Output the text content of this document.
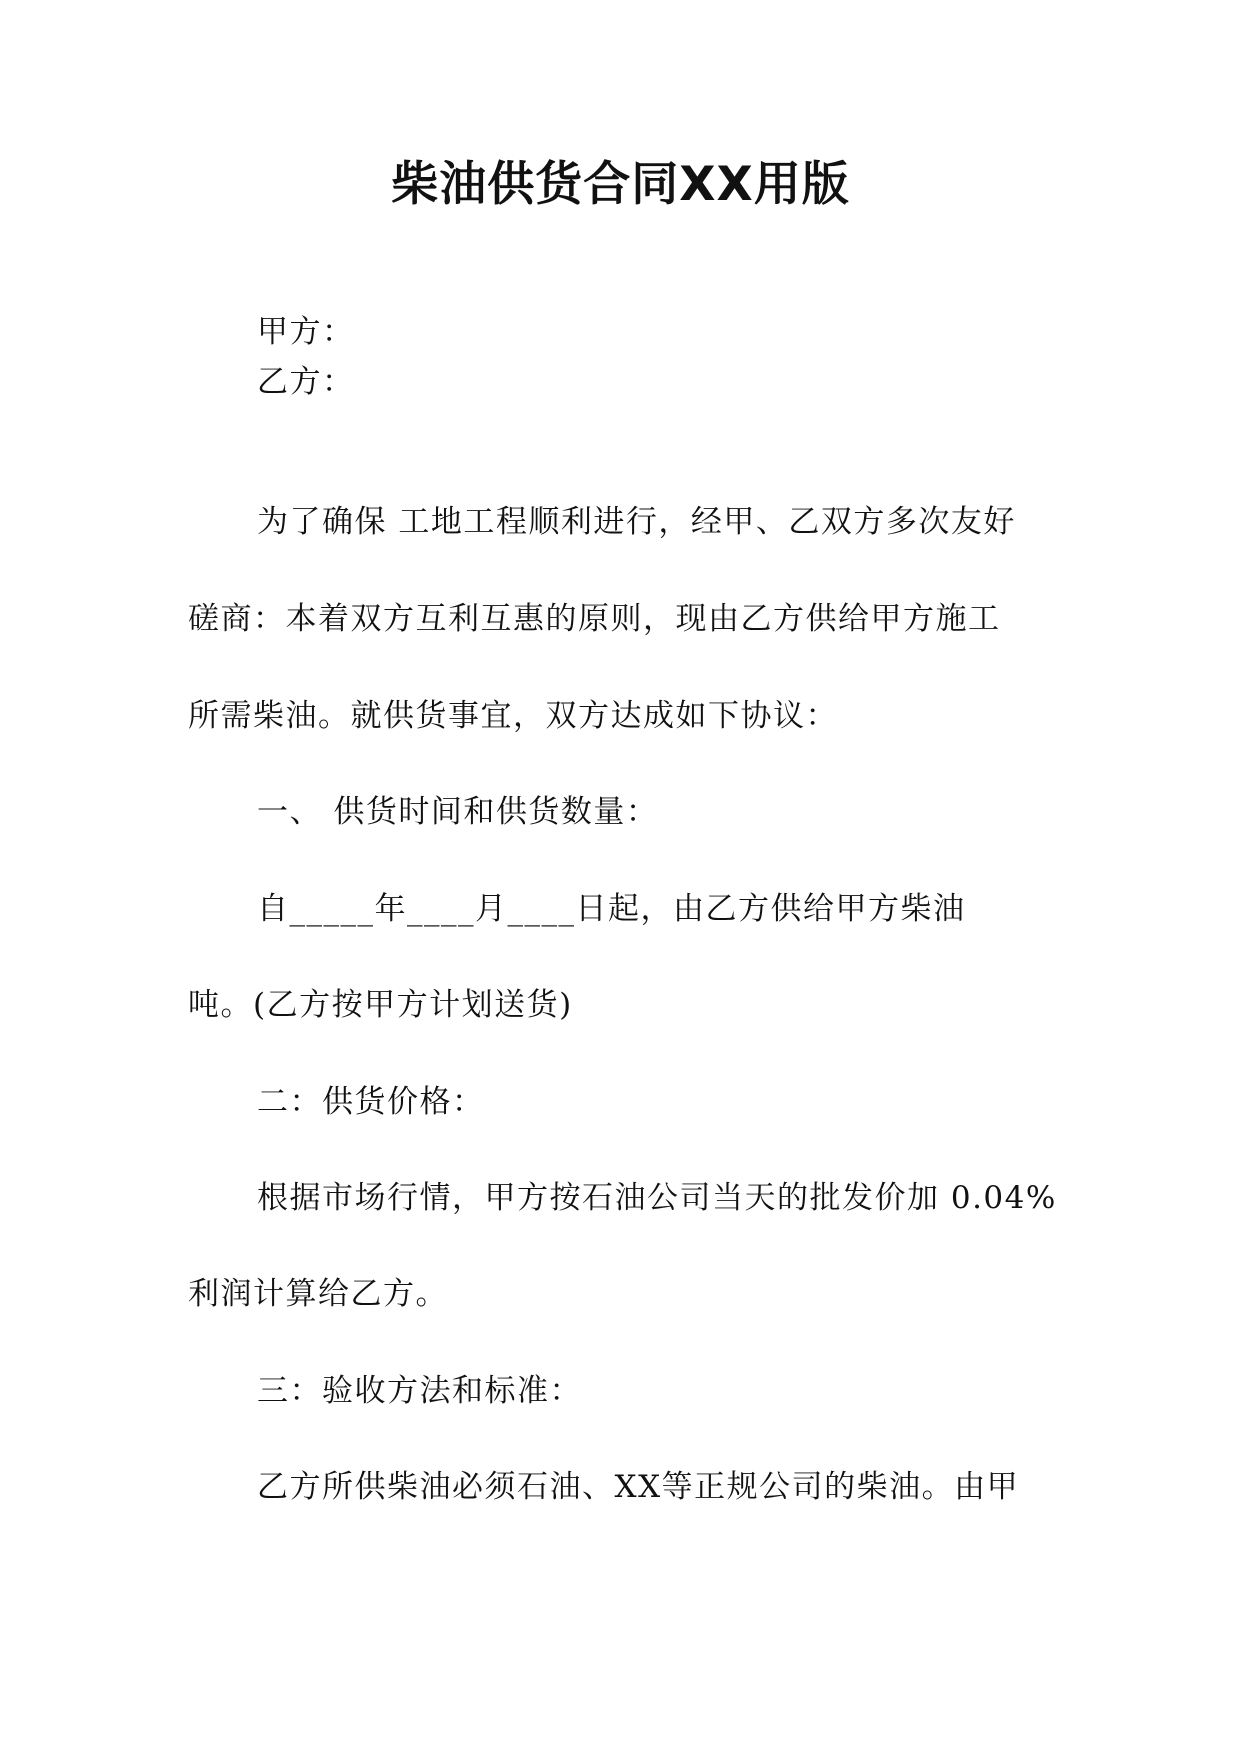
柴油供货合同XX用版
甲方：
乙方：
为了确保 工地工程顺利进行，经甲、乙双方多次友好
磋商：本着双方互利互惠的原则，现由乙方供给甲方施工
所需柴油。就供货事宜，双方达成如下协议：
一、 供货时间和供货数量：
自_____年____月____日起，由乙方供给甲方柴油
吨。(乙方按甲方计划送货)
二：供货价格：
根据市场行情，甲方按石油公司当天的批发价加 0.04%
利润计算给乙方。
三：验收方法和标准：
乙方所供柴油必须石油、XX等正规公司的柴油。由甲
